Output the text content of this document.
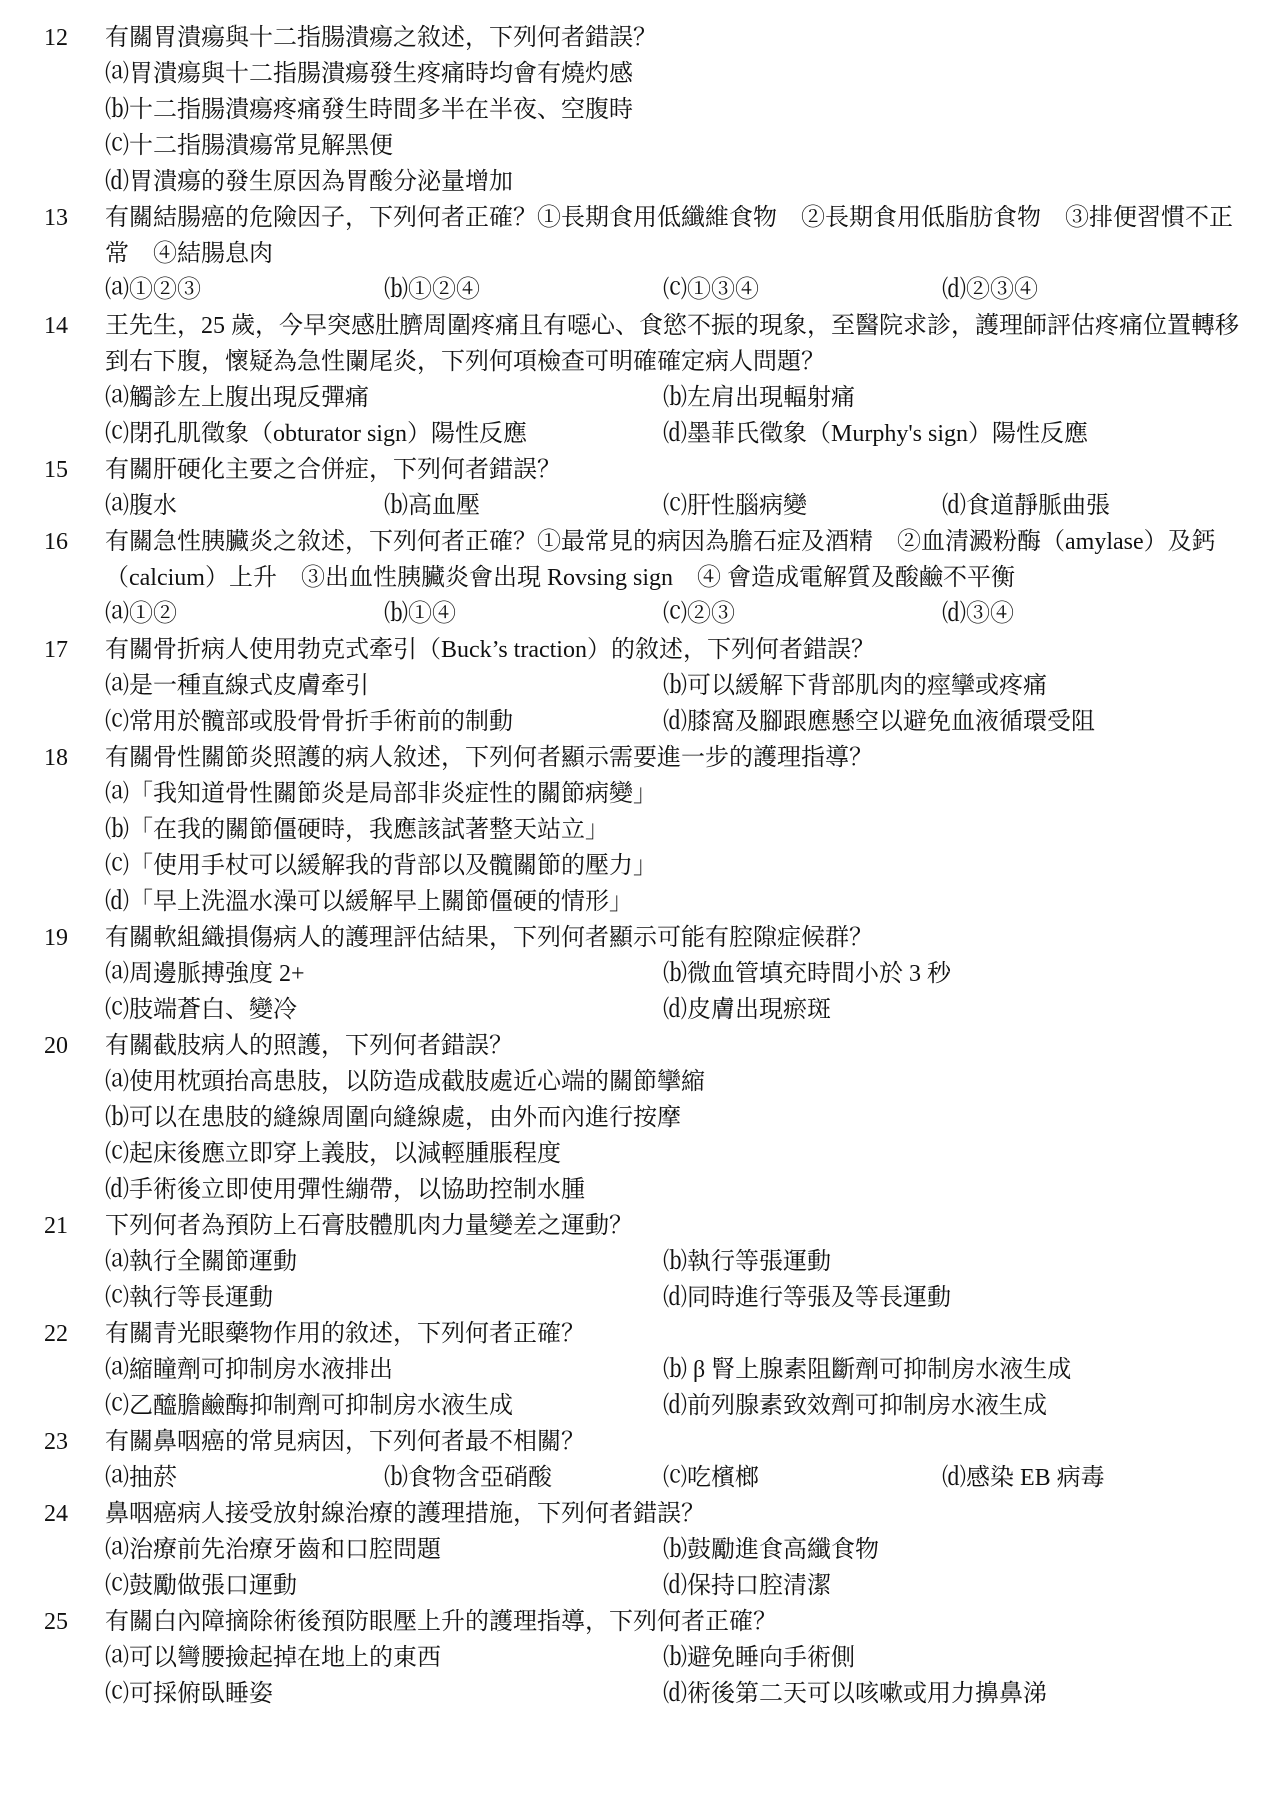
12	有關胃潰瘍與十二指腸潰瘍之敘述，下列何者錯誤？
⒜胃潰瘍與十二指腸潰瘍發生疼痛時均會有燒灼感
⒝十二指腸潰瘍疼痛發生時間多半在半夜、空腹時
⒞十二指腸潰瘍常見解黑便
⒟胃潰瘍的發生原因為胃酸分泌量增加
13	有關結腸癌的危險因子，下列何者正確？①長期食用低纖維食物　②長期食用低脂肪食物　③排便習慣不正常　④結腸息肉
⒜①②③	⒝①②④	⒞①③④	⒟②③④
14	王先生，25 歲，今早突感肚臍周圍疼痛且有噁心、食慾不振的現象，至醫院求診，護理師評估疼痛位置轉移到右下腹，懷疑為急性闌尾炎，下列何項檢查可明確確定病人問題？
⒜觸診左上腹出現反彈痛	⒝左肩出現輻射痛
⒞閉孔肌徵象（obturator sign）陽性反應	⒟墨菲氏徵象（Murphy's sign）陽性反應
15	有關肝硬化主要之合併症，下列何者錯誤？
⒜腹水	⒝高血壓	⒞肝性腦病變	⒟食道靜脈曲張
16	有關急性胰臟炎之敘述，下列何者正確？①最常見的病因為膽石症及酒精　②血清澱粉酶（amylase）及鈣（calcium）上升　③出血性胰臟炎會出現 Rovsing sign　④ 會造成電解質及酸鹼不平衡
⒜①②	⒝①④	⒞②③	⒟③④
17	有關骨折病人使用勃克式牽引（Buck’s traction）的敘述，下列何者錯誤？
⒜是一種直線式皮膚牽引	⒝可以緩解下背部肌肉的痙攣或疼痛
⒞常用於髖部或股骨骨折手術前的制動	⒟膝窩及腳跟應懸空以避免血液循環受阻
18	有關骨性關節炎照護的病人敘述，下列何者顯示需要進一步的護理指導？
⒜「我知道骨性關節炎是局部非炎症性的關節病變」
⒝「在我的關節僵硬時，我應該試著整天站立」
⒞「使用手杖可以緩解我的背部以及髖關節的壓力」
⒟「早上洗溫水澡可以緩解早上關節僵硬的情形」
19	有關軟組織損傷病人的護理評估結果，下列何者顯示可能有腔隙症候群？
⒜周邊脈搏強度 2+	⒝微血管填充時間小於 3 秒
⒞肢端蒼白、變冷	⒟皮膚出現瘀斑
20	有關截肢病人的照護，下列何者錯誤？
⒜使用枕頭抬高患肢，以防造成截肢處近心端的關節攣縮
⒝可以在患肢的縫線周圍向縫線處，由外而內進行按摩
⒞起床後應立即穿上義肢，以減輕腫脹程度
⒟手術後立即使用彈性繃帶，以協助控制水腫
21	下列何者為預防上石膏肢體肌肉力量變差之運動？
⒜執行全關節運動	⒝執行等張運動
⒞執行等長運動	⒟同時進行等張及等長運動
22	有關青光眼藥物作用的敘述，下列何者正確？
⒜縮瞳劑可抑制房水液排出	⒝ β 腎上腺素阻斷劑可抑制房水液生成
⒞乙醯膽鹼酶抑制劑可抑制房水液生成	⒟前列腺素致效劑可抑制房水液生成
23	有關鼻咽癌的常見病因，下列何者最不相關？
⒜抽菸	⒝食物含亞硝酸	⒞吃檳榔	⒟感染 EB 病毒
24	鼻咽癌病人接受放射線治療的護理措施，下列何者錯誤？
⒜治療前先治療牙齒和口腔問題	⒝鼓勵進食高纖食物
⒞鼓勵做張口運動	⒟保持口腔清潔
25	有關白內障摘除術後預防眼壓上升的護理指導，下列何者正確？
⒜可以彎腰撿起掉在地上的東西	⒝避免睡向手術側
⒞可採俯臥睡姿	⒟術後第二天可以咳嗽或用力擤鼻涕
